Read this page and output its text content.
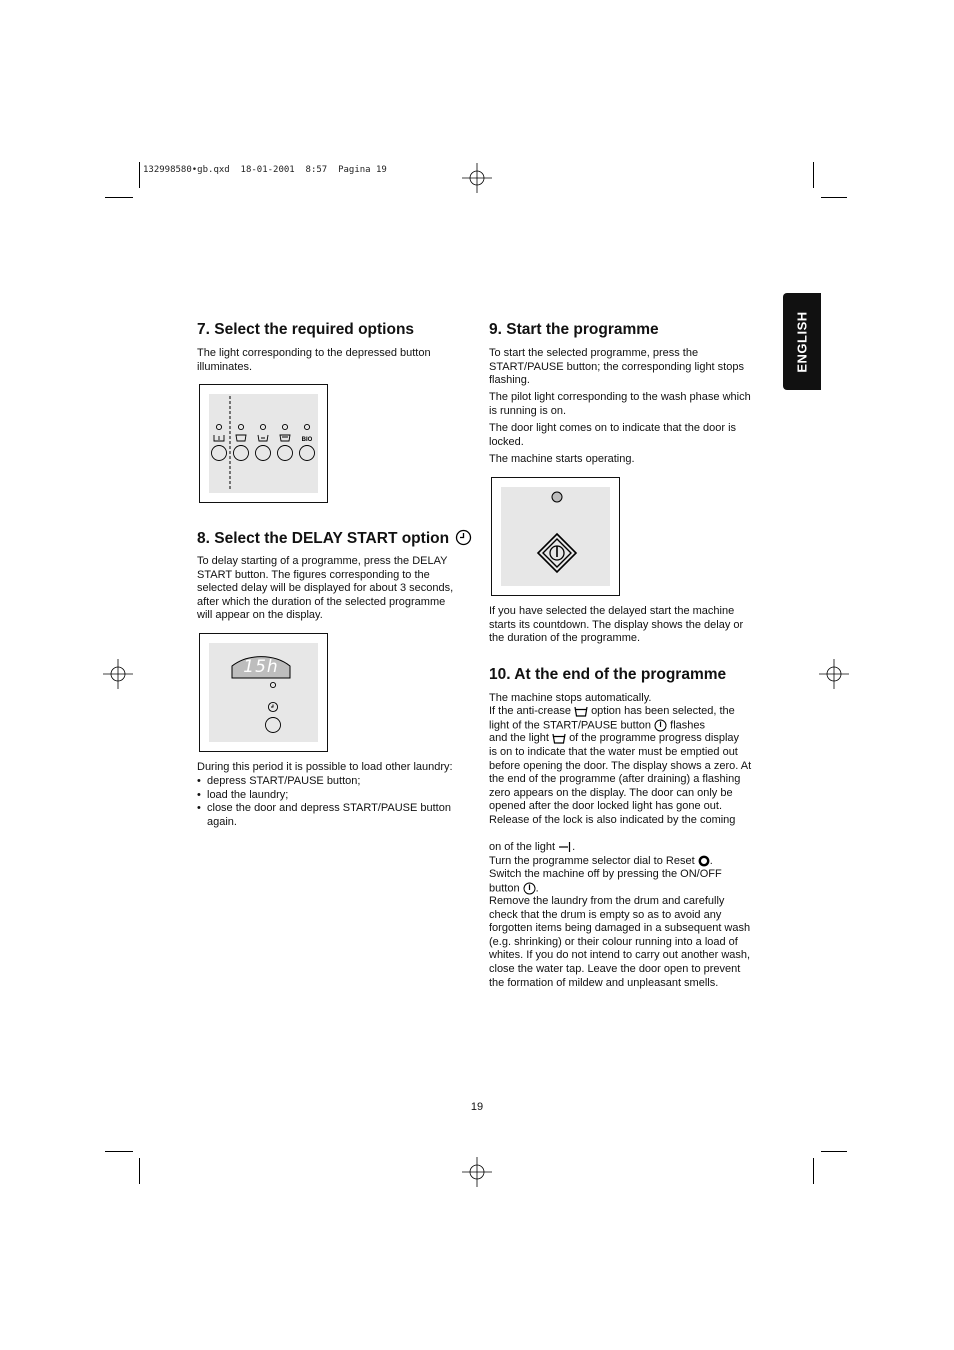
132998580•gb.qxd  18-01-2001  8:57  Pagina 19
ENGLISH
7. Select the required options

The light corresponding to the depressed button illuminates.

BIO
8. Select the DELAY START option

To delay starting of a programme, press the DELAY START button. The figures corresponding to the selected delay will be displayed for about 3 seconds, after which the duration of the selected programme will appear on the display.

15h

During this period it is possible to load other laundry:

• depress START/PAUSE button;
• load the laundry;
• close the door and depress START/PAUSE button again.
9. Start the programme

To start the selected programme, press the START/PAUSE button; the corresponding light stops flashing.

The pilot light corresponding to the wash phase which is running is on.

The door light comes on to indicate that the door is locked.

The machine starts operating.

If you have selected the delayed start the machine starts its countdown. The display shows the delay or the duration of the programme.

10. At the end of the programme

The machine stops automatically.

If the anti-crease option has been selected, the

light of the START/PAUSE button flashes

and the light of the programme progress display

is on to indicate that the water must be emptied out before opening the door. The display shows a zero. At the end of the programme (after draining) a flashing zero appears on the display. The door can only be opened after the door locked light has gone out. Release of the lock is also indicated by the coming

on of the light .

Turn the programme selector dial to Reset .

Switch the machine off by pressing the ON/OFF

button .

Remove the laundry from the drum and carefully check that the drum is empty so as to avoid any forgotten items being damaged in a subsequent wash (e.g. shrinking) or their colour running into a load of whites. If you do not intend to carry out another wash, close the water tap. Leave the door open to prevent the formation of mildew and unpleasant smells.

19
